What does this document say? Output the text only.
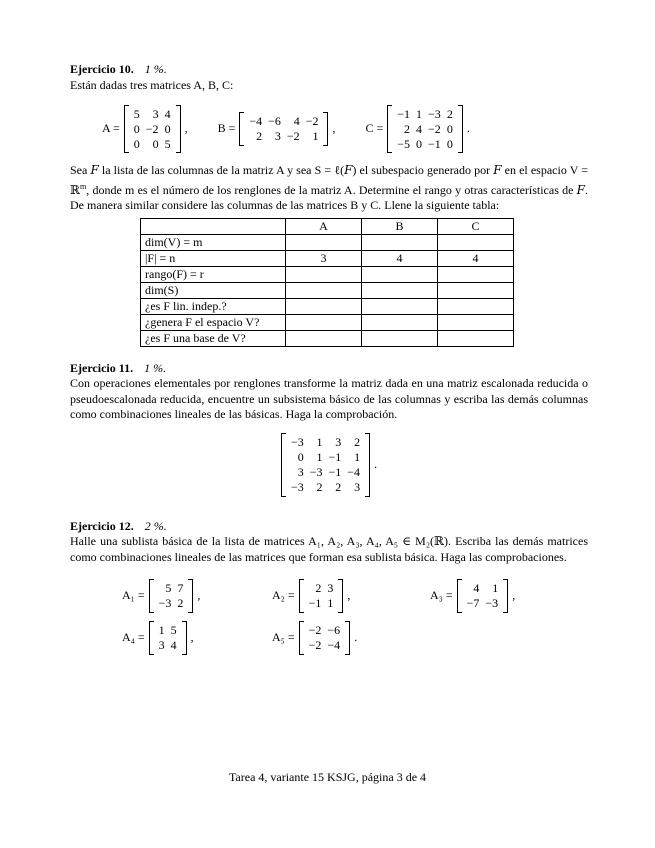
Ejercicio 10. 1 %.

Están dadas tres matrices A, B, C:

A =
5	3	4
0	−2	0
0	0	5
,	B =
−4	−6	4	−2
2	3	−2	1
,	C =
−1	1	−3	2
2	4	−2	0
−5	0	−1	0
.

Sea F la lista de las columnas de la matriz A y sea S = ℓ(F) el subespacio generado por F en el espacio V = ℝ$^m$, donde m es el número de los renglones de la matriz A. Determine el rango y otras características de F. De manera similar considere las columnas de las matrices B y C. Llene la siguiente tabla:

	A	B	C
dim(V) = m			
|F| = n	3	4	4
rango(F) = r			
dim(S)			
¿es F lin. indep.?			
¿genera F el espacio V?			
¿es F una base de V?			
Ejercicio 11. 1 %.

Con operaciones elementales por renglones transforme la matriz dada en una matriz escalonada reducida o pseudoescalonada reducida, encuentre un subsistema básico de las columnas y escriba las demás columnas como combinaciones lineales de las básicas. Haga la comprobación.

−3	1	3	2
0	1	−1	1
3	−3	−1	−4
−3	2	2	3
.
Ejercicio 12. 2 %.

Halle una sublista básica de la lista de matrices A₁, A₂, A₃, A₄, A₅ ∈ M₂(ℝ). Escriba las demás matrices como combinaciones lineales de las matrices que forman esa sublista básica. Haga las comprobaciones.

A₁ =
5	7
−3	2
,	A₂ =
2	3
−1	1
,	A₃ =
4	1
−7	−3
,
A₄ =
1	5
3	4
,	A₅ =
−2	−6
−2	−4
.
Tarea 4, variante 15 KSJG, página 3 de 4
